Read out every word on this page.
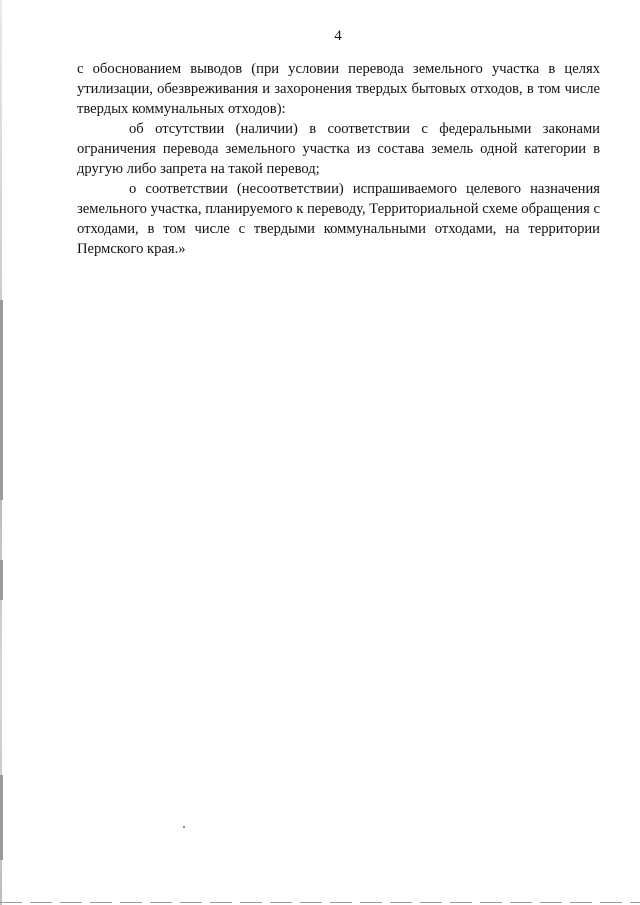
4

с обоснованием выводов (при условии перевода земельного участка в целях утилизации, обезвреживания и захоронения твердых бытовых отходов, в том числе твердых коммунальных отходов):

об отсутствии (наличии) в соответствии с федеральными законами ограничения перевода земельного участка из состава земель одной категории в другую либо запрета на такой перевод;

о соответствии (несоответствии) испрашиваемого целевого назначения земельного участка, планируемого к переводу, Территориальной схеме обращения с отходами, в том числе с твердыми коммунальными отходами, на территории Пермского края.»
